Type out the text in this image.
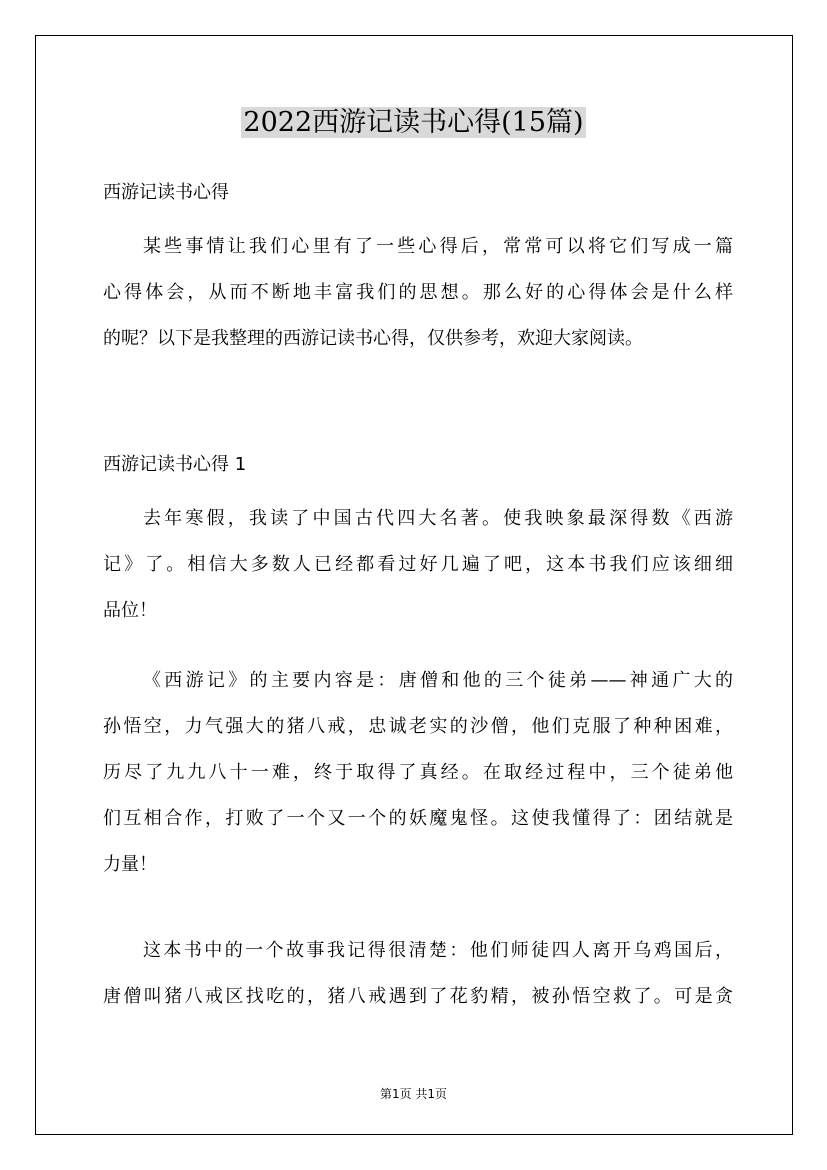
2022西游记读书心得(15篇)
西游记读书心得
某些事情让我们心里有了一些心得后，常常可以将它们写成一篇
心得体会，从而不断地丰富我们的思想。那么好的心得体会是什么样
的呢？以下是我整理的西游记读书心得，仅供参考，欢迎大家阅读。
西游记读书心得 1
去年寒假，我读了中国古代四大名著。使我映象最深得数《西游
记》了。相信大多数人已经都看过好几遍了吧，这本书我们应该细细
品位！
《西游记》的主要内容是：唐僧和他的三个徒弟——神通广大的
孙悟空，力气强大的猪八戒，忠诚老实的沙僧，他们克服了种种困难，
历尽了九九八十一难，终于取得了真经。在取经过程中，三个徒弟他
们互相合作，打败了一个又一个的妖魔鬼怪。这使我懂得了：团结就是
力量！
这本书中的一个故事我记得很清楚：他们师徒四人离开乌鸡国后，
唐僧叫猪八戒区找吃的，猪八戒遇到了花豹精，被孙悟空救了。可是贪
第1页 共1页
